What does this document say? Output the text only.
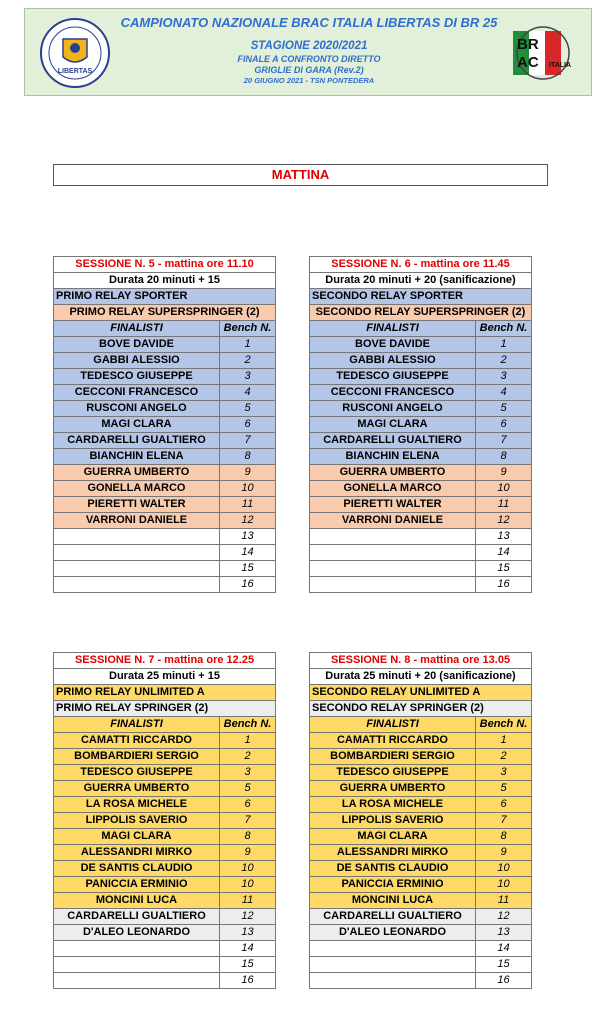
LIBERTAS
CAMPIONATO NAZIONALE BRAC ITALIA LIBERTAS DI BR 25
STAGIONE 2020/2021
FINALE A CONFRONTO DIRETTO
GRIGLIE DI GARA (Rev.2)
20 GIUGNO 2021 - TSN PONTEDERA
BR
AC ITALIA
MATTINA
SESSIONE N. 5 - mattina ore 11.10	
Durata 20 minuti + 15	
PRIMO RELAY SPORTER	
PRIMO RELAY SUPERSPRINGER (2)	
FINALISTI	Bench N.
BOVE DAVIDE	1
GABBI ALESSIO	2
TEDESCO GIUSEPPE	3
CECCONI FRANCESCO	4
RUSCONI ANGELO	5
MAGI CLARA	6
CARDARELLI GUALTIERO	7
BIANCHIN ELENA	8
GUERRA UMBERTO	9
GONELLA MARCO	10
PIERETTI WALTER	11
VARRONI DANIELE	12
	13
	14
	15
	16
SESSIONE N. 6 - mattina ore 11.45	
Durata 20 minuti + 20 (sanificazione)	
SECONDO RELAY SPORTER	
SECONDO RELAY SUPERSPRINGER (2)	
FINALISTI	Bench N.
BOVE DAVIDE	1
GABBI ALESSIO	2
TEDESCO GIUSEPPE	3
CECCONI FRANCESCO	4
RUSCONI ANGELO	5
MAGI CLARA	6
CARDARELLI GUALTIERO	7
BIANCHIN ELENA	8
GUERRA UMBERTO	9
GONELLA MARCO	10
PIERETTI WALTER	11
VARRONI DANIELE	12
	13
	14
	15
	16
SESSIONE N. 7 - mattina ore 12.25	
Durata 25 minuti + 15	
PRIMO RELAY UNLIMITED A	
PRIMO RELAY SPRINGER (2)	
FINALISTI	Bench N.
CAMATTI RICCARDO	1
BOMBARDIERI SERGIO	2
TEDESCO GIUSEPPE	3
GUERRA UMBERTO	5
LA ROSA MICHELE	6
LIPPOLIS SAVERIO	7
MAGI CLARA	8
ALESSANDRI MIRKO	9
DE SANTIS CLAUDIO	10
PANICCIA ERMINIO	10
MONCINI LUCA	11
CARDARELLI GUALTIERO	12
D'ALEO LEONARDO	13
	14
	15
	16
SESSIONE N. 8 - mattina ore 13.05	
Durata 25 minuti + 20 (sanificazione)	
SECONDO RELAY UNLIMITED A	
SECONDO RELAY SPRINGER (2)	
FINALISTI	Bench N.
CAMATTI RICCARDO	1
BOMBARDIERI SERGIO	2
TEDESCO GIUSEPPE	3
GUERRA UMBERTO	5
LA ROSA MICHELE	6
LIPPOLIS SAVERIO	7
MAGI CLARA	8
ALESSANDRI MIRKO	9
DE SANTIS CLAUDIO	10
PANICCIA ERMINIO	10
MONCINI LUCA	11
CARDARELLI GUALTIERO	12
D'ALEO LEONARDO	13
	14
	15
	16
